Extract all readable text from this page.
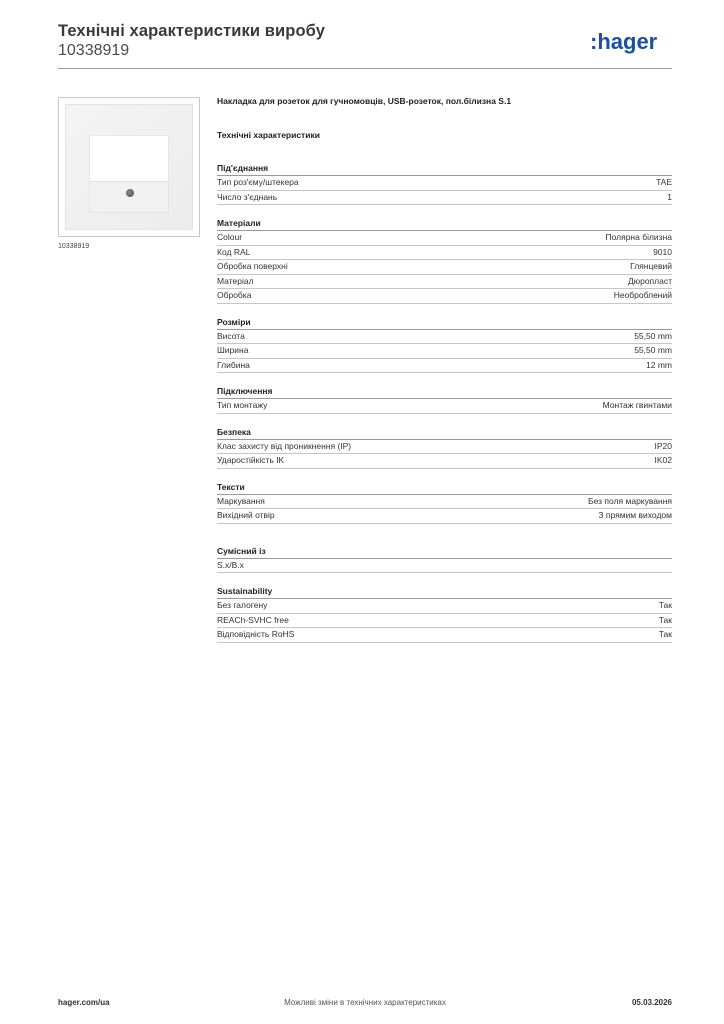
Технічні характеристики виробу
10338919	:hager
10338919
Накладка для розеток для гучномовців, USB-розеток, пол.білизна S.1
Технічні характеристики
Під'єднання
Тип роз'єму/штекера	TAE
Число з'єднань	1
Матеріали
Colour	Полярна білизна
Код RAL	9010
Обробка поверхні	Глянцевий
Матеріал	Дюропласт
Обробка	Необроблений
Розміри
Висота	55,50 mm
Ширина	55,50 mm
Глибина	12 mm
Підключення
Тип монтажу	Монтаж гвинтами
Безпека
Клас захисту від проникнення (IP)	IP20
Удароcтійкість IK	IK02
Тексти
Маркування	Без поля маркування
Вихідний отвір	З прямим виходом
Сумісний із
S.x/B.x
Sustainability
Без галогену	Так
REACh-SVHC free	Так
Відповідність RoHS	Так
hager.com/ua	Можливі зміни в технічних характеристиках	05.03.2026
